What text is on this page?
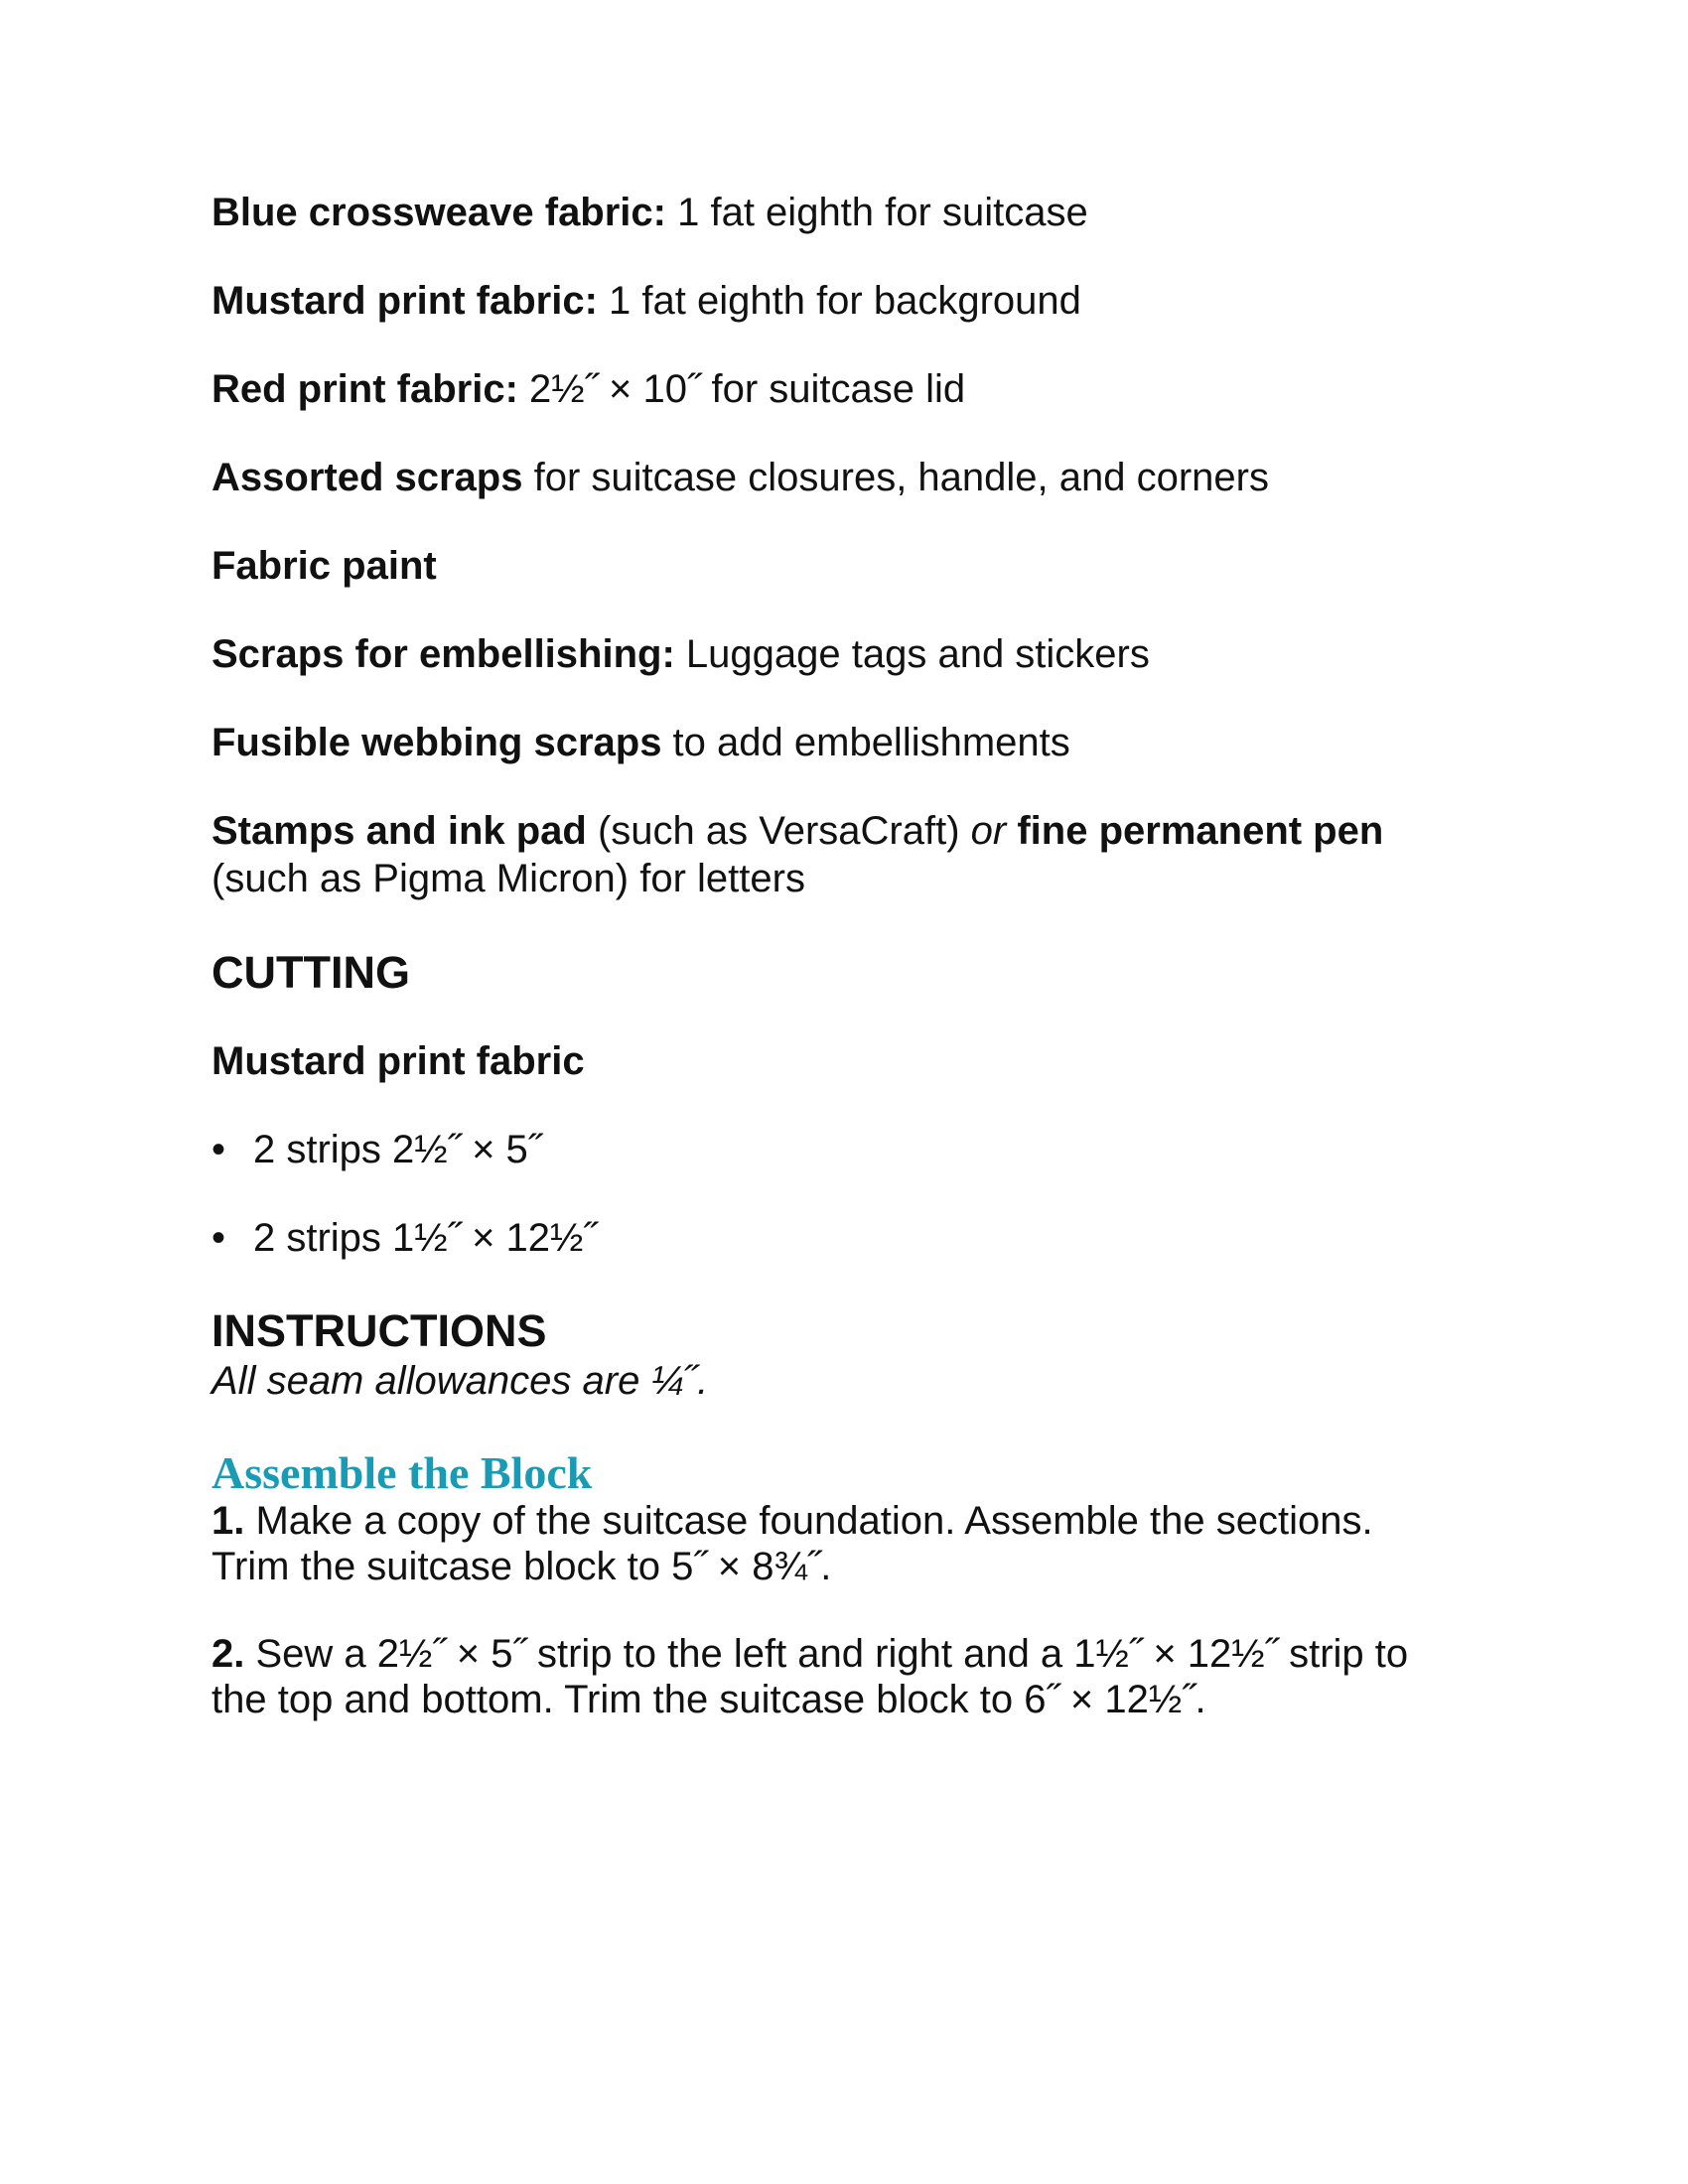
Blue crossweave fabric: 1 fat eighth for suitcase

Mustard print fabric: 1 fat eighth for background

Red print fabric: 2½˝ × 10˝ for suitcase lid

Assorted scraps for suitcase closures, handle, and corners

Fabric paint

Scraps for embellishing: Luggage tags and stickers

Fusible webbing scraps to add embellishments

Stamps and ink pad (such as VersaCraft) or fine permanent pen
(such as Pigma Micron) for letters

CUTTING
Mustard print fabric
• 2 strips 2½˝ × 5˝
• 2 strips 1½˝ × 12½˝
INSTRUCTIONS

All seam allowances are ¼˝.

Assemble the Block

1. Make a copy of the suitcase foundation. Assemble the sections.
Trim the suitcase block to 5˝ × 8¾˝.

2. Sew a 2½˝ × 5˝ strip to the left and right and a 1½˝ × 12½˝ strip to
the top and bottom. Trim the suitcase block to 6˝ × 12½˝.
